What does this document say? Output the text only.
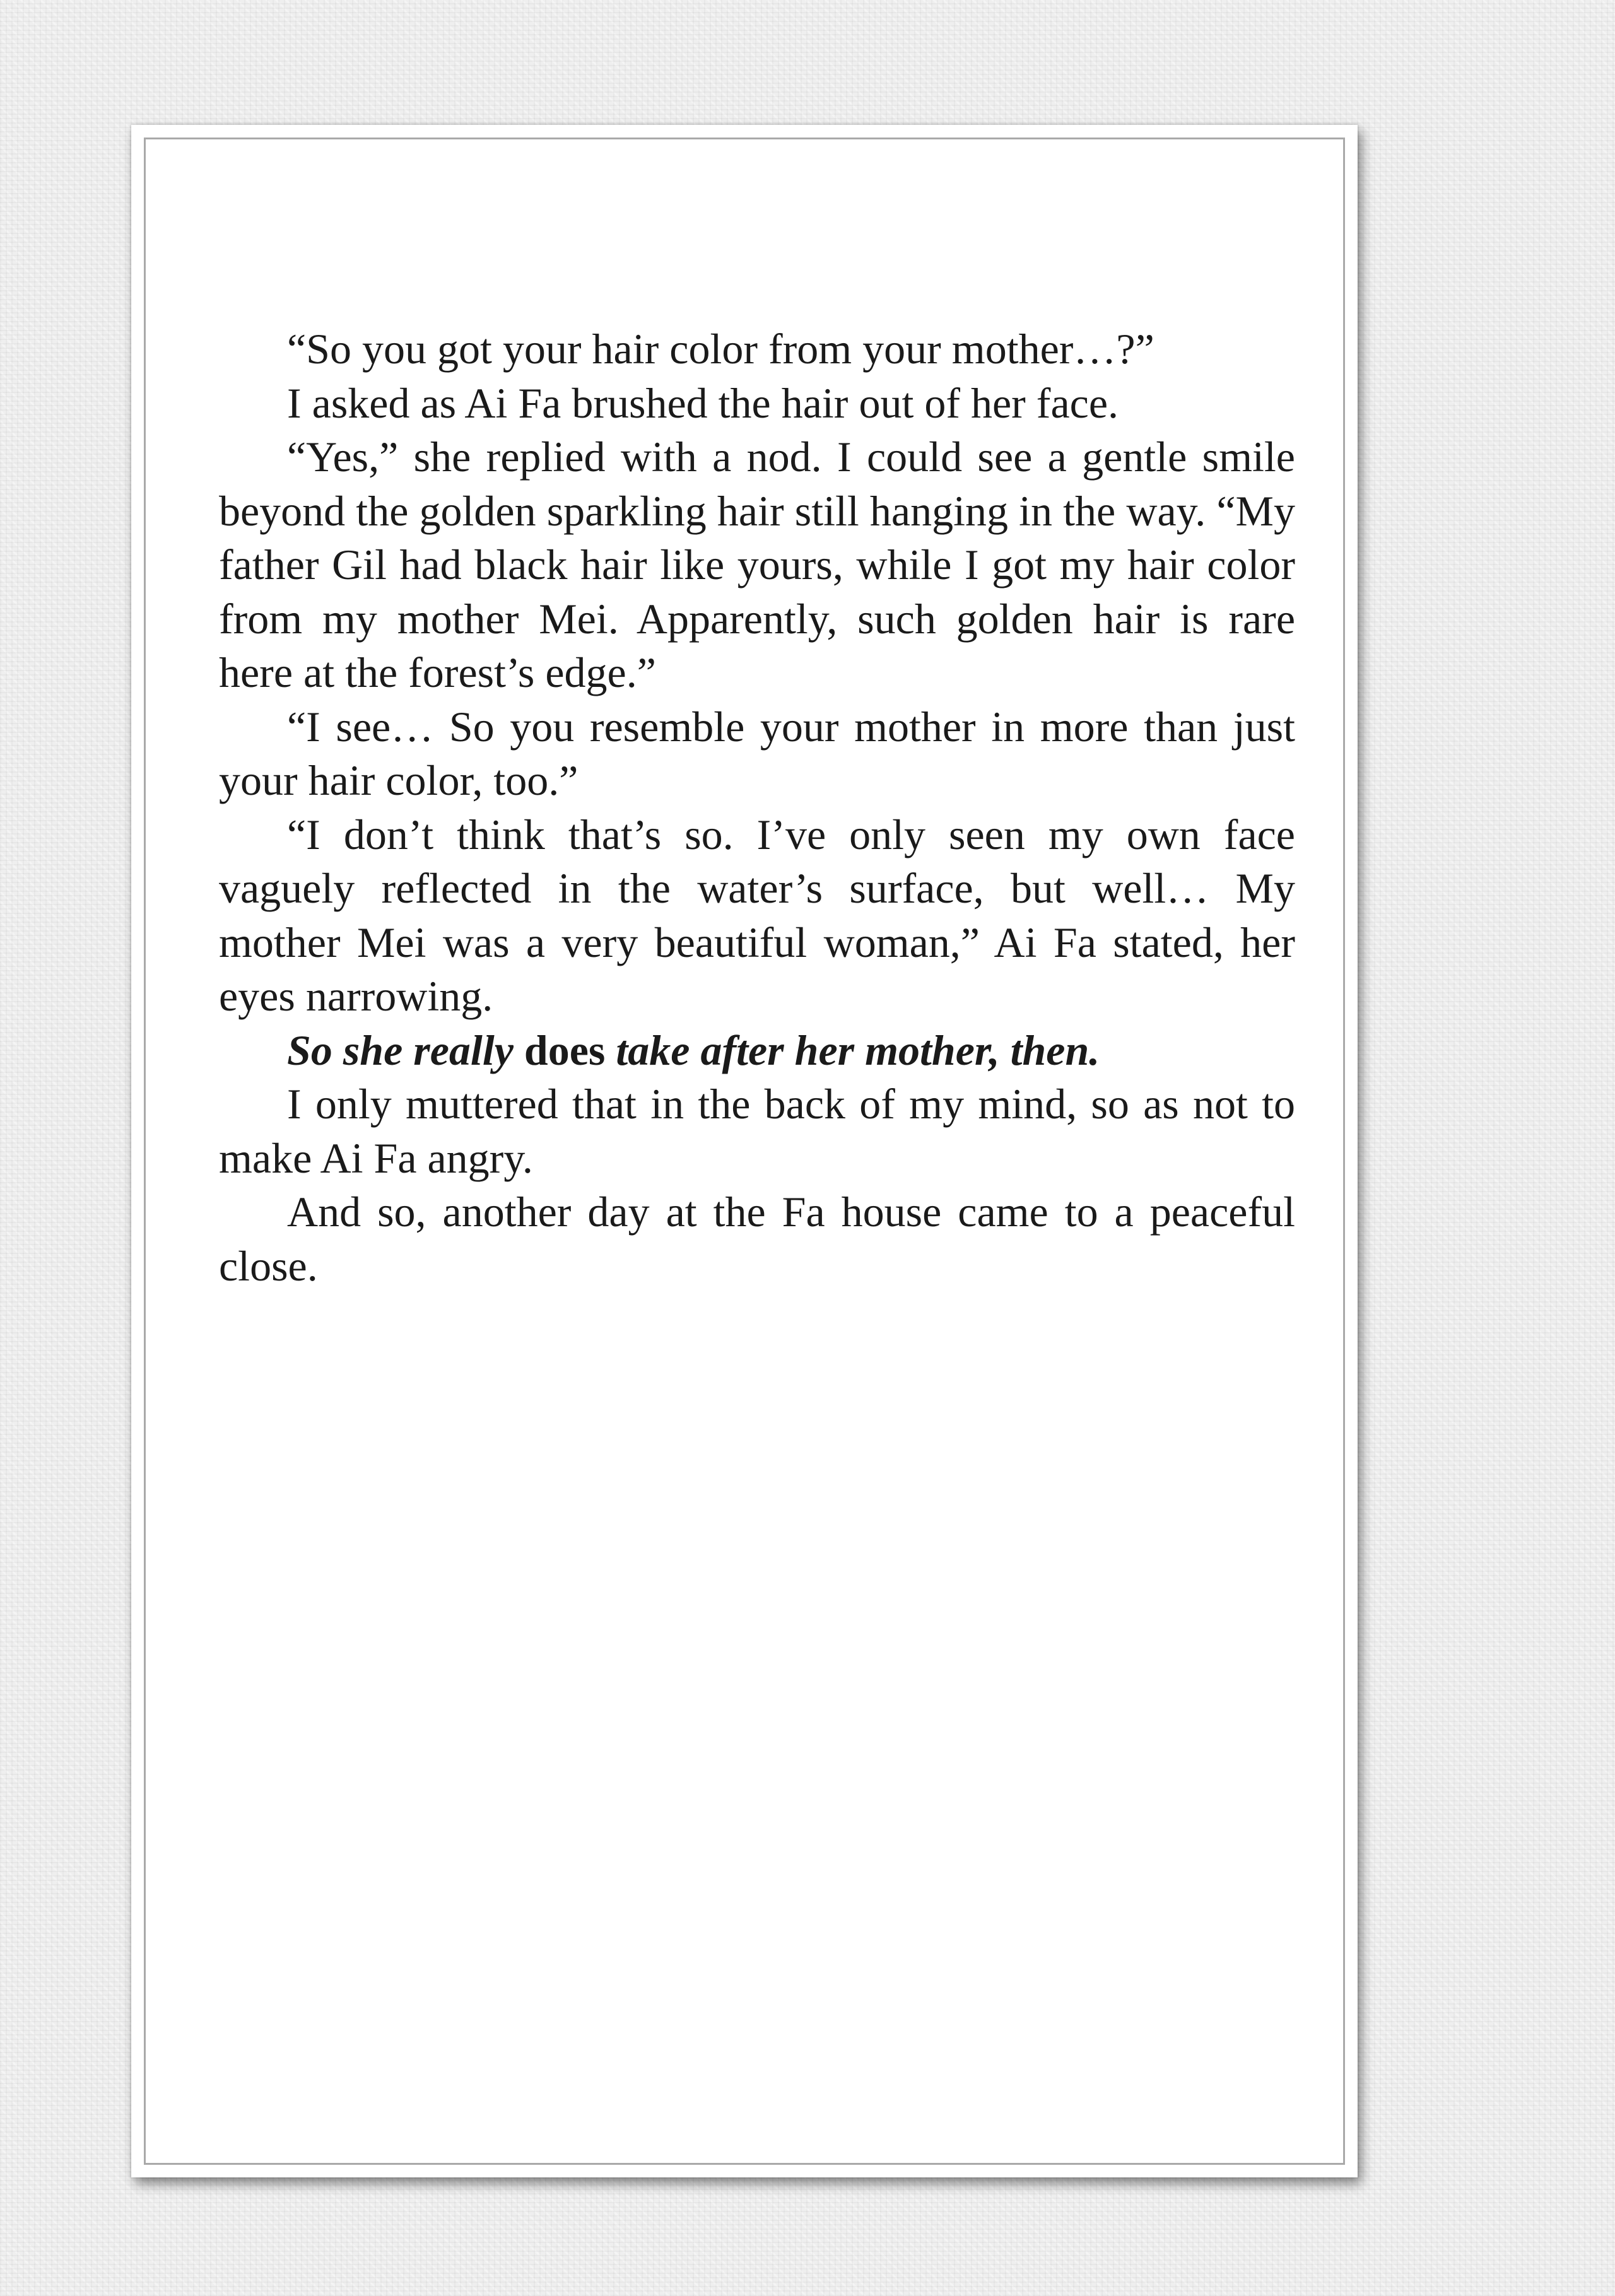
“So you got your hair color from your mother…?”

I asked as Ai Fa brushed the hair out of her face.

“Yes,” she replied with a nod. I could see a gentle smile beyond the golden sparkling hair still hanging in the way. “My father Gil had black hair like yours, while I got my hair color from my mother Mei. Apparently, such golden hair is rare here at the forest’s edge.”

“I see… So you resemble your mother in more than just your hair color, too.”

“I don’t think that’s so. I’ve only seen my own face vaguely reflected in the water’s surface, but well… My mother Mei was a very beautiful woman,” Ai Fa stated, her eyes narrowing.

So she really does take after her mother, then.

I only muttered that in the back of my mind, so as not to make Ai Fa angry.

And so, another day at the Fa house came to a peaceful close.
